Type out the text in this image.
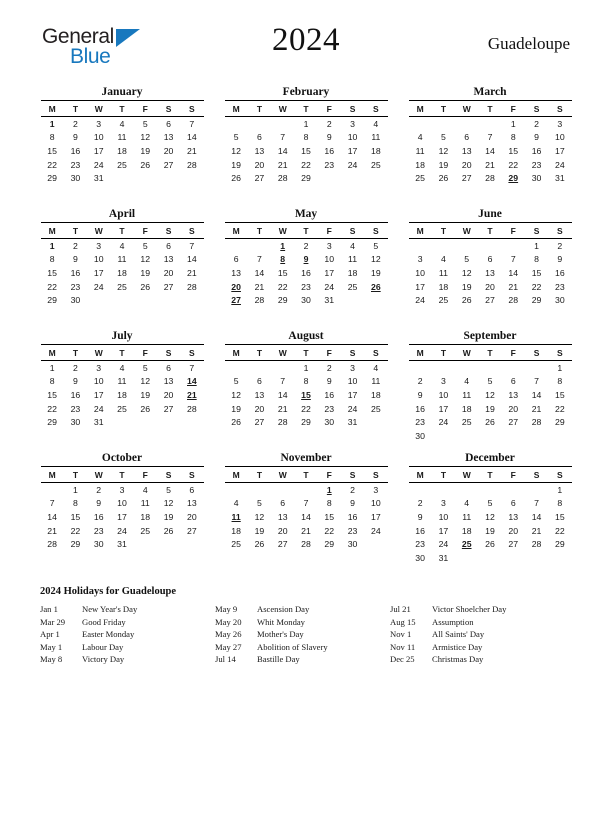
General
Blue	2024	Guadeloupe
January
M	T	W	T	F	S	S
1	2	3	4	5	6	7
8	9	10	11	12	13	14
15	16	17	18	19	20	21
22	23	24	25	26	27	28
29	30	31				
February
M	T	W	T	F	S	S
			1	2	3	4
5	6	7	8	9	10	11
12	13	14	15	16	17	18
19	20	21	22	23	24	25
26	27	28	29			
March
M	T	W	T	F	S	S
				1	2	3
4	5	6	7	8	9	10
11	12	13	14	15	16	17
18	19	20	21	22	23	24
25	26	27	28	29	30	31
April
M	T	W	T	F	S	S
1	2	3	4	5	6	7
8	9	10	11	12	13	14
15	16	17	18	19	20	21
22	23	24	25	26	27	28
29	30					
May
M	T	W	T	F	S	S
		1	2	3	4	5
6	7	8	9	10	11	12
13	14	15	16	17	18	19
20	21	22	23	24	25	26
27	28	29	30	31		
June
M	T	W	T	F	S	S
					1	2
3	4	5	6	7	8	9
10	11	12	13	14	15	16
17	18	19	20	21	22	23
24	25	26	27	28	29	30
July
M	T	W	T	F	S	S
1	2	3	4	5	6	7
8	9	10	11	12	13	14
15	16	17	18	19	20	21
22	23	24	25	26	27	28
29	30	31				
August
M	T	W	T	F	S	S
			1	2	3	4
5	6	7	8	9	10	11
12	13	14	15	16	17	18
19	20	21	22	23	24	25
26	27	28	29	30	31	
September
M	T	W	T	F	S	S
						1
2	3	4	5	6	7	8
9	10	11	12	13	14	15
16	17	18	19	20	21	22
23	24	25	26	27	28	29
30						
October
M	T	W	T	F	S	S
	1	2	3	4	5	6
7	8	9	10	11	12	13
14	15	16	17	18	19	20
21	22	23	24	25	26	27
28	29	30	31			
November
M	T	W	T	F	S	S
				1	2	3
4	5	6	7	8	9	10
11	12	13	14	15	16	17
18	19	20	21	22	23	24
25	26	27	28	29	30	
December
M	T	W	T	F	S	S
						1
2	3	4	5	6	7	8
9	10	11	12	13	14	15
16	17	18	19	20	21	22
23	24	25	26	27	28	29
30	31					
2024 Holidays for Guadeloupe
Jan 1	New Year's Day
Mar 29	Good Friday
Apr 1	Easter Monday
May 1	Labour Day
May 8	Victory Day
May 9	Ascension Day
May 20	Whit Monday
May 26	Mother's Day
May 27	Abolition of Slavery
Jul 14	Bastille Day
Jul 21	Victor Shoelcher Day
Aug 15	Assumption
Nov 1	All Saints' Day
Nov 11	Armistice Day
Dec 25	Christmas Day
